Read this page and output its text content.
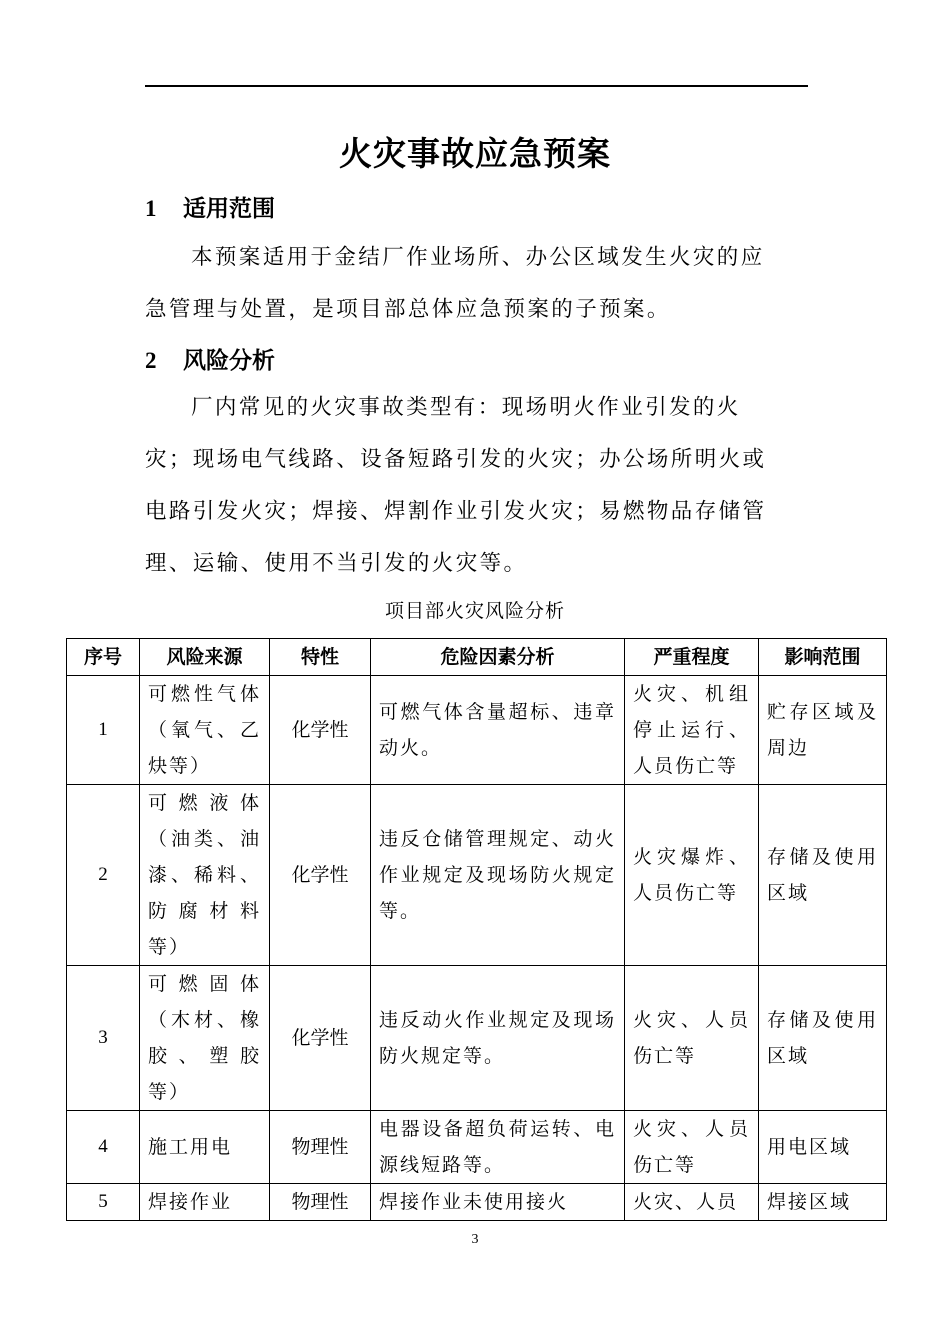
火灾事故应急预案
1 适用范围

本预案适用于金结厂作业场所、办公区域发生火灾的应急管理与处置，是项目部总体应急预案的子预案。

2 风险分析

厂内常见的火灾事故类型有：现场明火作业引发的火灾；现场电气线路、设备短路引发的火灾；办公场所明火或电路引发火灾；焊接、焊割作业引发火灾；易燃物品存储管理、运输、使用不当引发的火灾等。

项目部火灾风险分析
序号	风险来源	特性	危险因素分析	严重程度	影响范围
1	可燃性气体（氧气、乙炔等）	化学性	可燃气体含量超标、违章动火。	火灾、机组停止运行、人员伤亡等	贮存区域及周边
2	可燃液体（油类、油漆、稀料、防腐材料等）	化学性	违反仓储管理规定、动火作业规定及现场防火规定等。	火灾爆炸、人员伤亡等	存储及使用区域
3	可燃固体（木材、橡胶、塑胶等）	化学性	违反动火作业规定及现场防火规定等。	火灾、人员伤亡等	存储及使用区域
4	施工用电	物理性	电器设备超负荷运转、电源线短路等。	火灾、人员伤亡等	用电区域
5	焊接作业	物理性	焊接作业未使用接火	火灾、人员	焊接区域
3
